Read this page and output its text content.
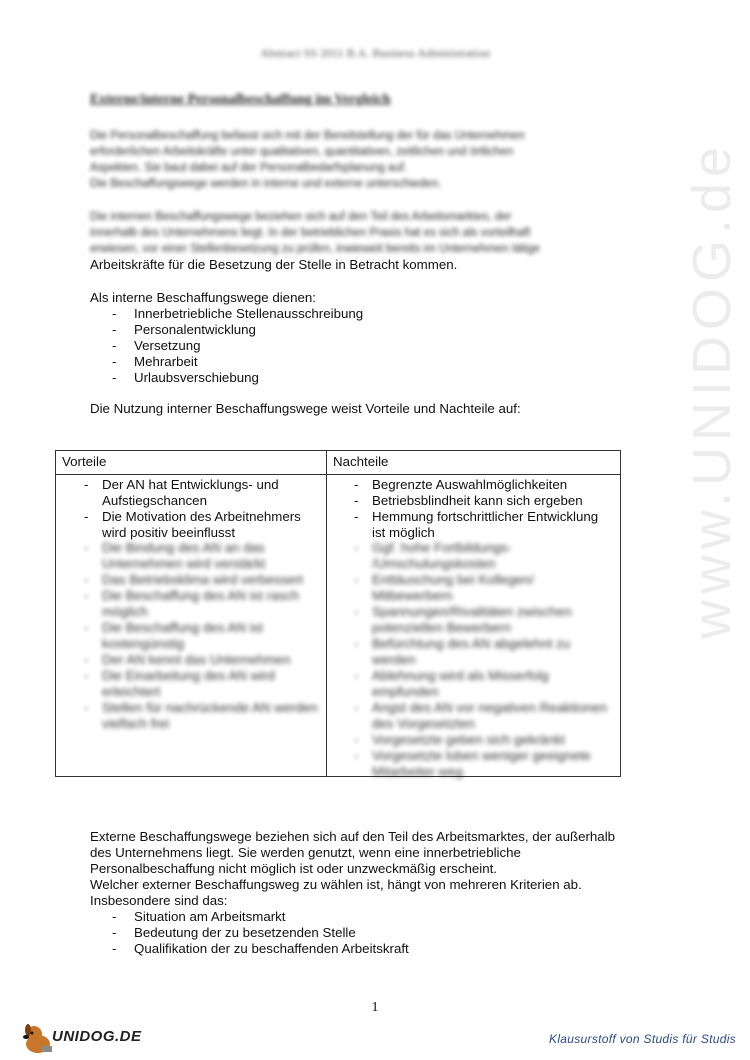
www.UNIDOG.de
Abstract SS 2011 B.A. Business Administration
Externe/interne Personalbeschaffung im Vergleich
Die Personalbeschaffung befasst sich mit der Bereitstellung der für das Unternehmen
erforderlichen Arbeitskräfte unter qualitativen, quantitativen, zeitlichen und örtlichen
Aspekten. Sie baut dabei auf der Personalbedarfsplanung auf.
Die Beschaffungswege werden in interne und externe unterschieden.
Die internen Beschaffungswege beziehen sich auf den Teil des Arbeitsmarktes, der
innerhalb des Unternehmens liegt. In der betrieblichen Praxis hat es sich als vorteilhaft
erwiesen, vor einer Stellenbesetzung zu prüfen, inwieweit bereits im Unternehmen tätige
Arbeitskräfte für die Besetzung der Stelle in Betracht kommen.
Als interne Beschaffungswege dienen:
- Innerbetriebliche Stellenausschreibung
- Personalentwicklung
- Versetzung
- Mehrarbeit
- Urlaubsverschiebung
Die Nutzung interner Beschaffungswege weist Vorteile und Nachteile auf:
Vorteile	Nachteile
- Der AN hat Entwicklungs- und Aufstiegschancen
- Die Motivation des Arbeitnehmers wird positiv beeinflusst
- Die Bindung des AN an das Unternehmen wird verstärkt
- Das Betriebsklima wird verbessert
- Die Beschaffung des AN ist rasch möglich
- Die Beschaffung des AN ist kostengünstig
- Der AN kennt das Unternehmen
- Die Einarbeitung des AN wird erleichtert
- Stellen für nachrückende AN werden vielfach frei
- Begrenzte Auswahlmöglichkeiten
- Betriebsblindheit kann sich ergeben
- Hemmung fortschrittlicher Entwicklung ist möglich
- Ggf. hohe Fortbildungs- /Umschulungskosten
- Enttäuschung bei Kollegen/ Mitbewerbern
- Spannungen/Rivalitäten zwischen potenziellen Bewerbern
- Befürchtung des AN abgelehnt zu werden
- Ablehnung wird als Misserfolg empfunden
- Angst des AN vor negativen Reaktionen des Vorgesetzten
- Vorgesetzte geben sich gekränkt
- Vorgesetzte loben weniger geeignete Mitarbeiter weg
Externe Beschaffungswege beziehen sich auf den Teil des Arbeitsmarktes, der außerhalb
des Unternehmens liegt. Sie werden genutzt, wenn eine innerbetriebliche
Personalbeschaffung nicht möglich ist oder unzweckmäßig erscheint.
Welcher externer Beschaffungsweg zu wählen ist, hängt von mehreren Kriterien ab.
Insbesondere sind das:
- Situation am Arbeitsmarkt
- Bedeutung der zu besetzenden Stelle
- Qualifikation der zu beschaffenden Arbeitskraft
1
UNIDOG.DE	Klausurstoff von Studis für Studis
